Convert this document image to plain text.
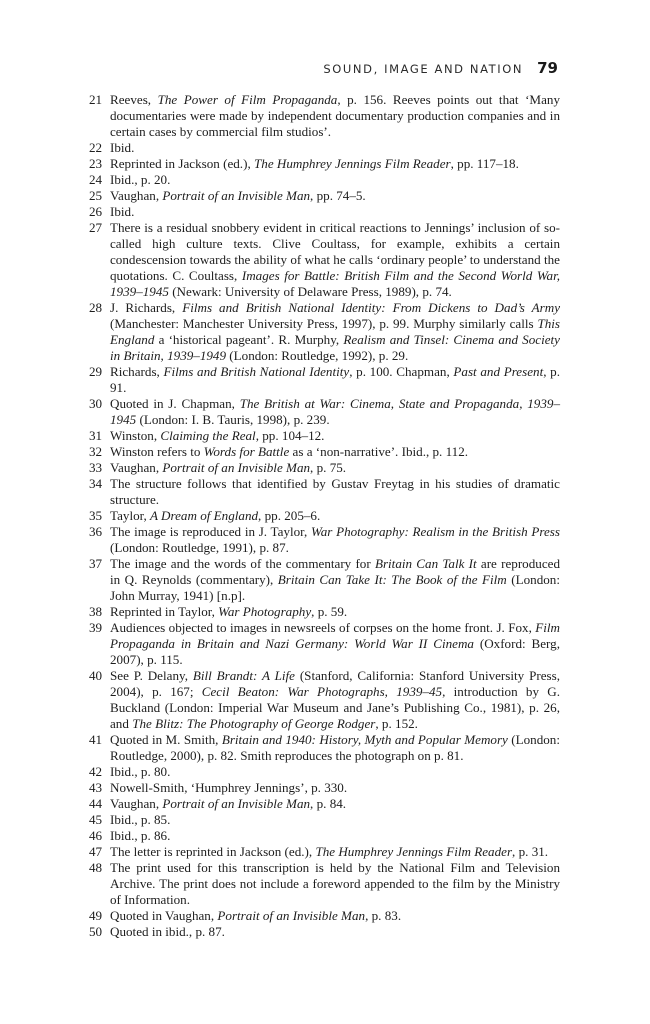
SOUND, IMAGE AND NATION 79
21 Reeves, The Power of Film Propaganda, p. 156. Reeves points out that ‘Many documentaries were made by independent documentary production companies and in certain cases by commercial film studios’.
22 Ibid.
23 Reprinted in Jackson (ed.), The Humphrey Jennings Film Reader, pp. 117–18.
24 Ibid., p. 20.
25 Vaughan, Portrait of an Invisible Man, pp. 74–5.
26 Ibid.
27 There is a residual snobbery evident in critical reactions to Jennings’ inclusion of so-called high culture texts. Clive Coultass, for example, exhibits a certain condescension towards the ability of what he calls ‘ordinary people’ to understand the quotations. C. Coultass, Images for Battle: British Film and the Second World War, 1939–1945 (Newark: University of Delaware Press, 1989), p. 74.
28 J. Richards, Films and British National Identity: From Dickens to Dad’s Army (Manchester: Manchester University Press, 1997), p. 99. Murphy similarly calls This England a ‘historical pageant’. R. Murphy, Realism and Tinsel: Cinema and Society in Britain, 1939–1949 (London: Routledge, 1992), p. 29.
29 Richards, Films and British National Identity, p. 100. Chapman, Past and Present, p. 91.
30 Quoted in J. Chapman, The British at War: Cinema, State and Propaganda, 1939–1945 (London: I. B. Tauris, 1998), p. 239.
31 Winston, Claiming the Real, pp. 104–12.
32 Winston refers to Words for Battle as a ‘non-narrative’. Ibid., p. 112.
33 Vaughan, Portrait of an Invisible Man, p. 75.
34 The structure follows that identified by Gustav Freytag in his studies of dramatic structure.
35 Taylor, A Dream of England, pp. 205–6.
36 The image is reproduced in J. Taylor, War Photography: Realism in the British Press (London: Routledge, 1991), p. 87.
37 The image and the words of the commentary for Britain Can Talk It are reproduced in Q. Reynolds (commentary), Britain Can Take It: The Book of the Film (London: John Murray, 1941) [n.p].
38 Reprinted in Taylor, War Photography, p. 59.
39 Audiences objected to images in newsreels of corpses on the home front. J. Fox, Film Propaganda in Britain and Nazi Germany: World War II Cinema (Oxford: Berg, 2007), p. 115.
40 See P. Delany, Bill Brandt: A Life (Stanford, California: Stanford University Press, 2004), p. 167; Cecil Beaton: War Photographs, 1939–45, introduction by G. Buckland (London: Imperial War Museum and Jane’s Publishing Co., 1981), p. 26, and The Blitz: The Photography of George Rodger, p. 152.
41 Quoted in M. Smith, Britain and 1940: History, Myth and Popular Memory (London: Routledge, 2000), p. 82. Smith reproduces the photograph on p. 81.
42 Ibid., p. 80.
43 Nowell-Smith, ‘Humphrey Jennings’, p. 330.
44 Vaughan, Portrait of an Invisible Man, p. 84.
45 Ibid., p. 85.
46 Ibid., p. 86.
47 The letter is reprinted in Jackson (ed.), The Humphrey Jennings Film Reader, p. 31.
48 The print used for this transcription is held by the National Film and Television Archive. The print does not include a foreword appended to the film by the Ministry of Information.
49 Quoted in Vaughan, Portrait of an Invisible Man, p. 83.
50 Quoted in ibid., p. 87.
